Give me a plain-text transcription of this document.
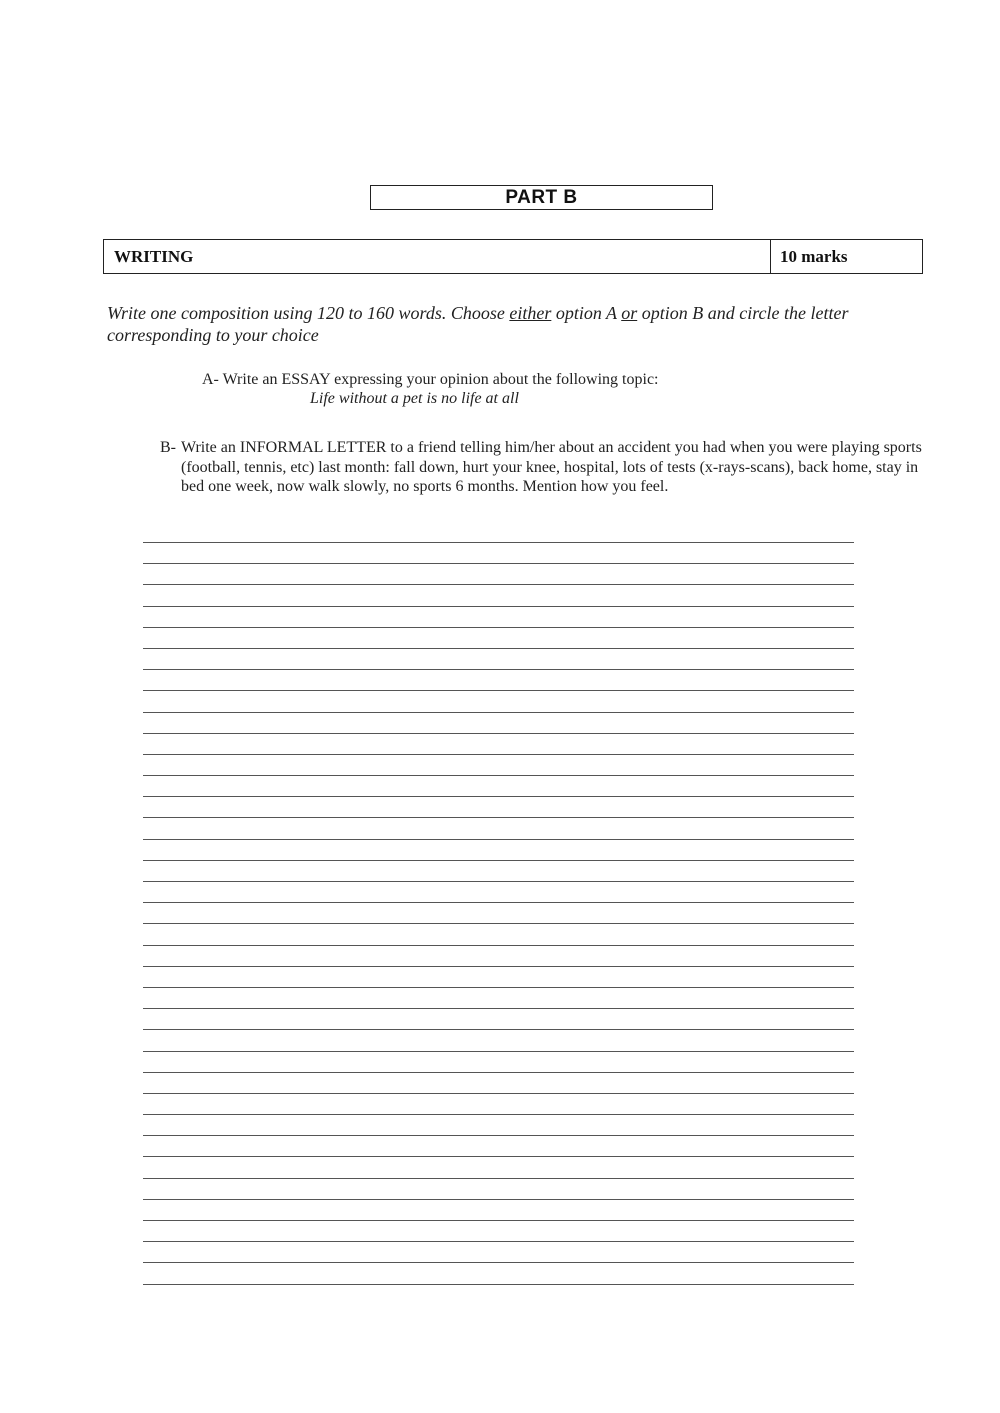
PART B
WRITING	10 marks
Write one composition using 120 to 160 words. Choose either option A or option B and circle the letter corresponding to your choice
A- Write an ESSAY expressing your opinion about the following topic:
Life without a pet is no life at all
B- Write an INFORMAL LETTER to a friend telling him/her about an accident you had when you were playing sports (football, tennis, etc) last month: fall down, hurt your knee, hospital, lots of tests (x-rays-scans), back home, stay in bed one week, now walk slowly, no sports 6 months. Mention how you feel.
